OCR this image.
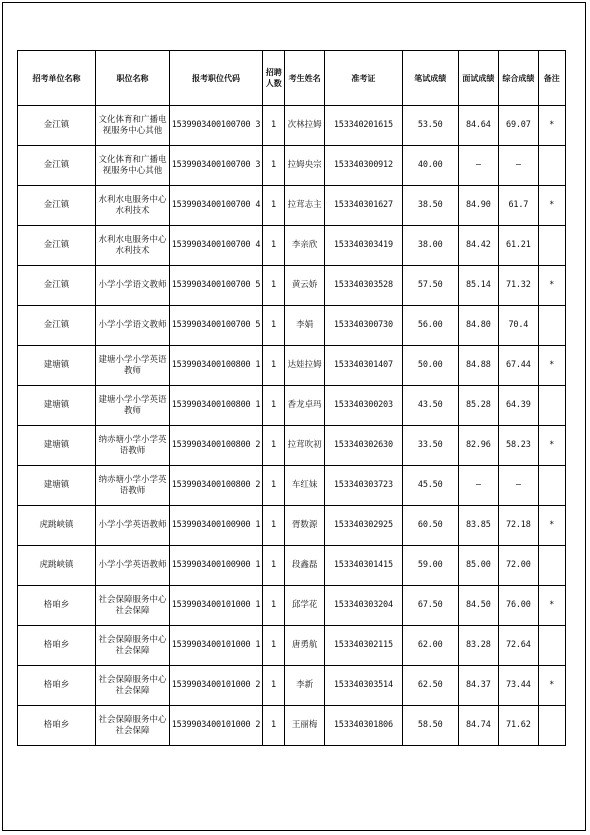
招考单位名称	职位名称	报考职位代码	招聘人数	考生姓名	准考证	笔试成绩	面试成绩	综合成绩	备注
金江镇	文化体育和广播电视服务中心其他	1539903400100700 3	1	次林拉姆	153340201615	53.50	84.64	69.07	*
金江镇	文化体育和广播电视服务中心其他	1539903400100700 3	1	拉姆央宗	153340300912	40.00	—	—	
金江镇	水利水电服务中心水利技术	1539903400100700 4	1	拉茸志主	153340301627	38.50	84.90	61.7	*
金江镇	水利水电服务中心水利技术	1539903400100700 4	1	李亲欣	153340303419	38.00	84.42	61.21	
金江镇	小学小学语文教师	1539903400100700 5	1	黄云娇	153340303528	57.50	85.14	71.32	*
金江镇	小学小学语文教师	1539903400100700 5	1	李娟	153340300730	56.00	84.80	70.4	
建塘镇	建塘小学小学英语教师	1539903400100800 1	1	达娃拉姆	153340301407	50.00	84.88	67.44	*
建塘镇	建塘小学小学英语教师	1539903400100800 1	1	香龙卓玛	153340300203	43.50	85.28	64.39	
建塘镇	纳赤塘小学小学英语教师	1539903400100800 2	1	拉茸吹初	153340302630	33.50	82.96	58.23	*
建塘镇	纳赤塘小学小学英语教师	1539903400100800 2	1	车红妹	153340303723	45.50	—	—	
虎跳峡镇	小学小学英语教师	1539903400100900 1	1	胥数源	153340302925	60.50	83.85	72.18	*
虎跳峡镇	小学小学英语教师	1539903400100900 1	1	段鑫磊	153340301415	59.00	85.00	72.00	
格咱乡	社会保障服务中心社会保障	1539903400101000 1	1	邱学花	153340303204	67.50	84.50	76.00	*
格咱乡	社会保障服务中心社会保障	1539903400101000 1	1	唐勇航	153340302115	62.00	83.28	72.64	
格咱乡	社会保障服务中心社会保障	1539903400101000 2	1	李新	153340303514	62.50	84.37	73.44	*
格咱乡	社会保障服务中心社会保障	1539903400101000 2	1	王丽梅	153340301806	58.50	84.74	71.62	
